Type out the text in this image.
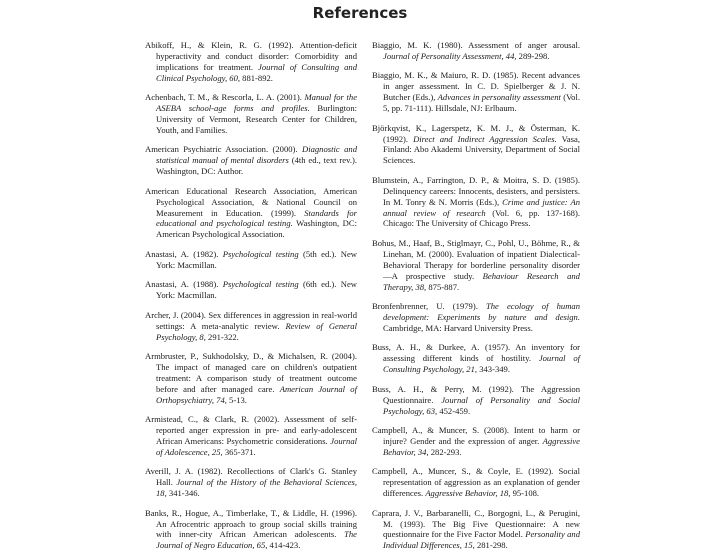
References
Abikoff, H., & Klein, R. G. (1992). Attention-deficit hyperactivity and conduct disorder: Comorbidity and implications for treatment. Journal of Consulting and Clinical Psychology, 60, 881-892.
Achenbach, T. M., & Rescorla, L. A. (2001). Manual for the ASEBA school-age forms and profiles. Burlington: University of Vermont, Research Center for Children, Youth, and Families.
American Psychiatric Association. (2000). Diagnostic and statistical manual of mental disorders (4th ed., text rev.). Washington, DC: Author.
American Educational Research Association, American Psychological Association, & National Council on Measurement in Education. (1999). Standards for educational and psychological testing. Washington, DC: American Psychological Association.
Anastasi, A. (1982). Psychological testing (5th ed.). New York: Macmillan.
Anastasi, A. (1988). Psychological testing (6th ed.). New York: Macmillan.
Archer, J. (2004). Sex differences in aggression in real-world settings: A meta-analytic review. Review of General Psychology, 8, 291-322.
Armbruster, P., Sukhodolsky, D., & Michalsen, R. (2004). The impact of managed care on children's outpatient treatment: A comparison study of treatment outcome before and after managed care. American Journal of Orthopsychiatry, 74, 5-13.
Armistead, C., & Clark, R. (2002). Assessment of self-reported anger expression in pre- and early-adolescent African Americans: Psychometric considerations. Journal of Adolescence, 25, 365-371.
Averill, J. A. (1982). Recollections of Clark's G. Stanley Hall. Journal of the History of the Behavioral Sciences, 18, 341-346.
Banks, R., Hogue, A., Timberlake, T., & Liddle, H. (1996). An Afrocentric approach to group social skills training with inner-city African American adolescents. The Journal of Negro Education, 65, 414-423.
Biaggio, M. K. (1980). Assessment of anger arousal. Journal of Personality Assessment, 44, 289-298.
Biaggio, M. K., & Maiuro, R. D. (1985). Recent advances in anger assessment. In C. D. Spielberger & J. N. Butcher (Eds.), Advances in personality assessment (Vol. 5, pp. 71-111). Hillsdale, NJ: Erlbaum.
Björkqvist, K., Lagerspetz, K. M. J., & Österman, K. (1992). Direct and Indirect Aggression Scales. Vasa, Finland: Abo Akademi University, Department of Social Sciences.
Blumstein, A., Farrington, D. P., & Moitra, S. D. (1985). Delinquency careers: Innocents, desisters, and persisters. In M. Tonry & N. Morris (Eds.), Crime and justice: An annual review of research (Vol. 6, pp. 137-168). Chicago: The University of Chicago Press.
Bohus, M., Haaf, B., Stiglmayr, C., Pohl, U., Böhme, R., & Linehan, M. (2000). Evaluation of inpatient Dialectical-Behavioral Therapy for borderline personality disorder—A prospective study. Behaviour Research and Therapy, 38, 875-887.
Bronfenbrenner, U. (1979). The ecology of human development: Experiments by nature and design. Cambridge, MA: Harvard University Press.
Buss, A. H., & Durkee, A. (1957). An inventory for assessing different kinds of hostility. Journal of Consulting Psychology, 21, 343-349.
Buss, A. H., & Perry, M. (1992). The Aggression Questionnaire. Journal of Personality and Social Psychology, 63, 452-459.
Campbell, A., & Muncer, S. (2008). Intent to harm or injure? Gender and the expression of anger. Aggressive Behavior, 34, 282-293.
Campbell, A., Muncer, S., & Coyle, E. (1992). Social representation of aggression as an explanation of gender differences. Aggressive Behavior, 18, 95-108.
Caprara, J. V., Barbaranelli, C., Borgogni, L., & Perugini, M. (1993). The Big Five Questionnaire: A new questionnaire for the Five Factor Model. Personality and Individual Differences, 15, 281-298.
